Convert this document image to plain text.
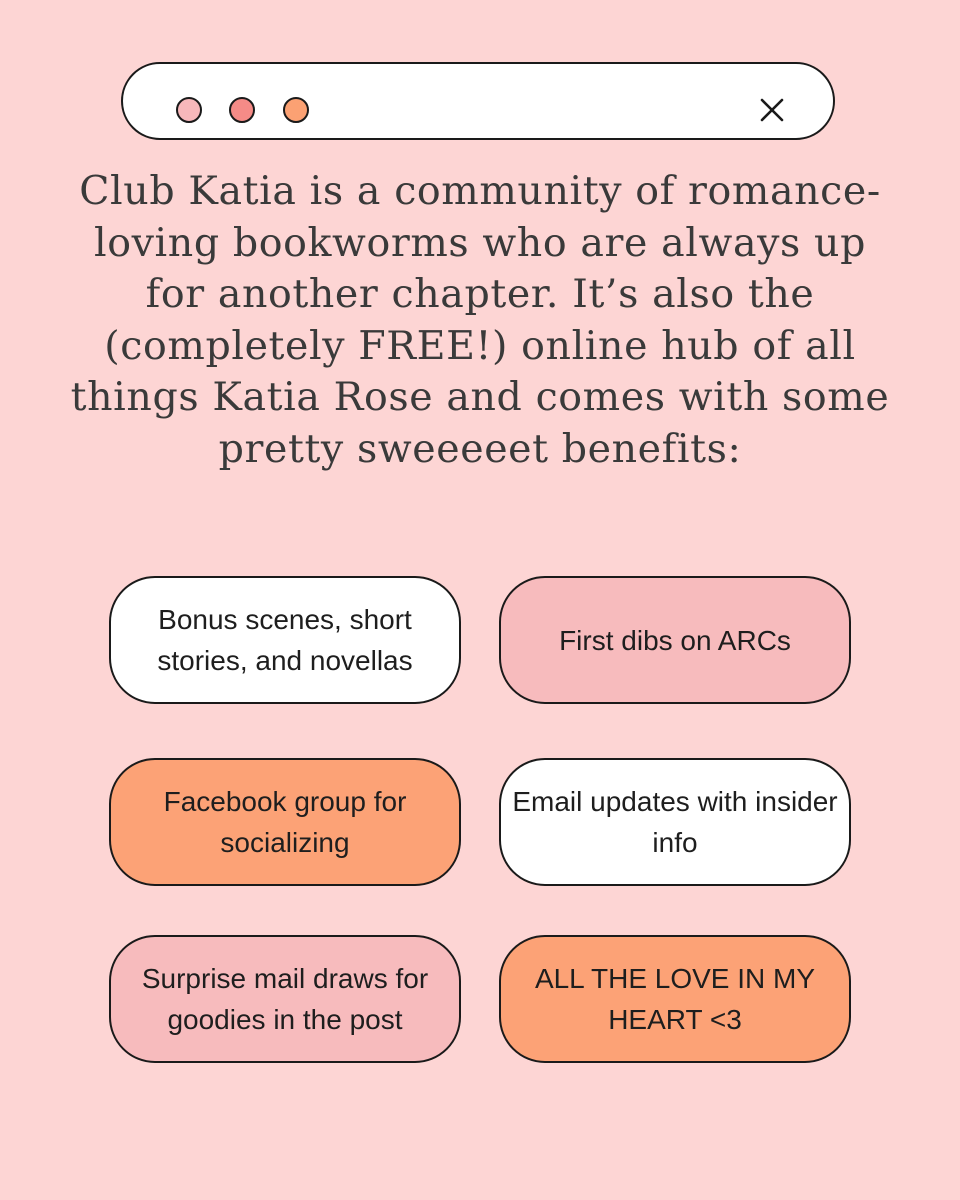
Club Katia is a community of romance-loving bookworms who are always up for another chapter. It’s also the (completely FREE!) online hub of all things Katia Rose and comes with some pretty sweeeeet benefits:

Bonus scenes, short stories, and novellas
First dibs on ARCs
Facebook group for socializing
Email updates with insider info
Surprise mail draws for goodies in the post
ALL THE LOVE IN MY HEART <3
